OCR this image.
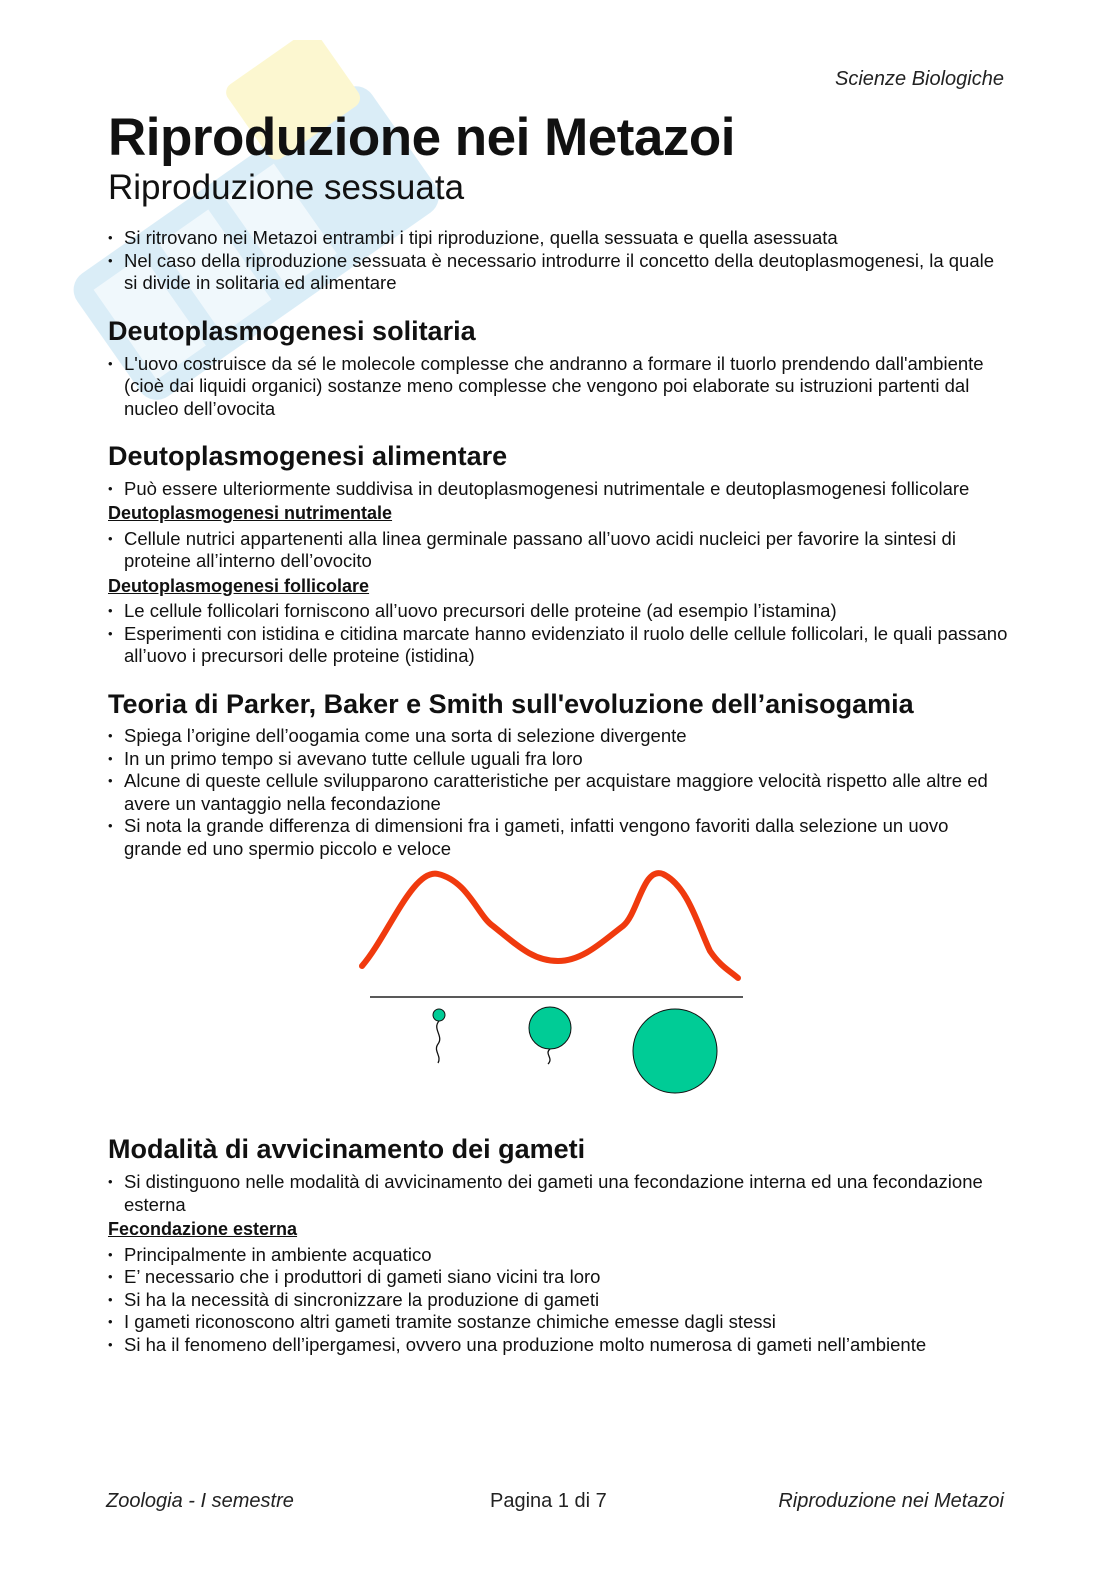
Scienze Biologiche
Riproduzione nei Metazoi
Riproduzione sessuata
• Si ritrovano nei Metazoi entrambi i tipi riproduzione, quella sessuata e quella asessuata
• Nel caso della riproduzione sessuata è necessario introdurre il concetto della deutoplasmogenesi, la quale si divide in solitaria ed alimentare
Deutoplasmogenesi solitaria
• L'uovo costruisce da sé le molecole complesse che andranno a formare il tuorlo prendendo dall'ambiente (cioè dai liquidi organici) sostanze meno complesse che vengono poi elaborate su istruzioni partenti dal nucleo dell’ovocita
Deutoplasmogenesi alimentare
• Può essere ulteriormente suddivisa in deutoplasmogenesi nutrimentale e deutoplasmogenesi follicolare
Deutoplasmogenesi nutrimentale
• Cellule nutrici appartenenti alla linea germinale passano all’uovo acidi nucleici per favorire la sintesi di proteine all’interno dell’ovocito
Deutoplasmogenesi follicolare
• Le cellule follicolari forniscono all’uovo precursori delle proteine (ad esempio l’istamina)
• Esperimenti con istidina e citidina marcate hanno evidenziato il ruolo delle cellule follicolari, le quali passano all’uovo i precursori delle proteine (istidina)
Teoria di Parker, Baker e Smith sull'evoluzione dell’anisogamia
• Spiega l’origine dell’oogamia come una sorta di selezione divergente
• In un primo tempo si avevano tutte cellule uguali fra loro
• Alcune di queste cellule svilupparono caratteristiche per acquistare maggiore velocità rispetto alle altre ed avere un vantaggio nella fecondazione
• Si nota la grande differenza di dimensioni fra i gameti, infatti vengono favoriti dalla selezione un uovo grande ed uno spermio piccolo e veloce
Modalità di avvicinamento dei gameti
• Si distinguono nelle modalità di avvicinamento dei gameti una fecondazione interna ed una fecondazione esterna
Fecondazione esterna
• Principalmente in ambiente acquatico
• E’ necessario che i produttori di gameti siano vicini tra loro
• Si ha la necessità di sincronizzare la produzione di gameti
• I gameti riconoscono altri gameti tramite sostanze chimiche emesse dagli stessi
• Si ha il fenomeno dell’ipergamesi, ovvero una produzione molto numerosa di gameti nell’ambiente
Zoologia - I semestre	Pagina 1 di 7	Riproduzione nei Metazoi
